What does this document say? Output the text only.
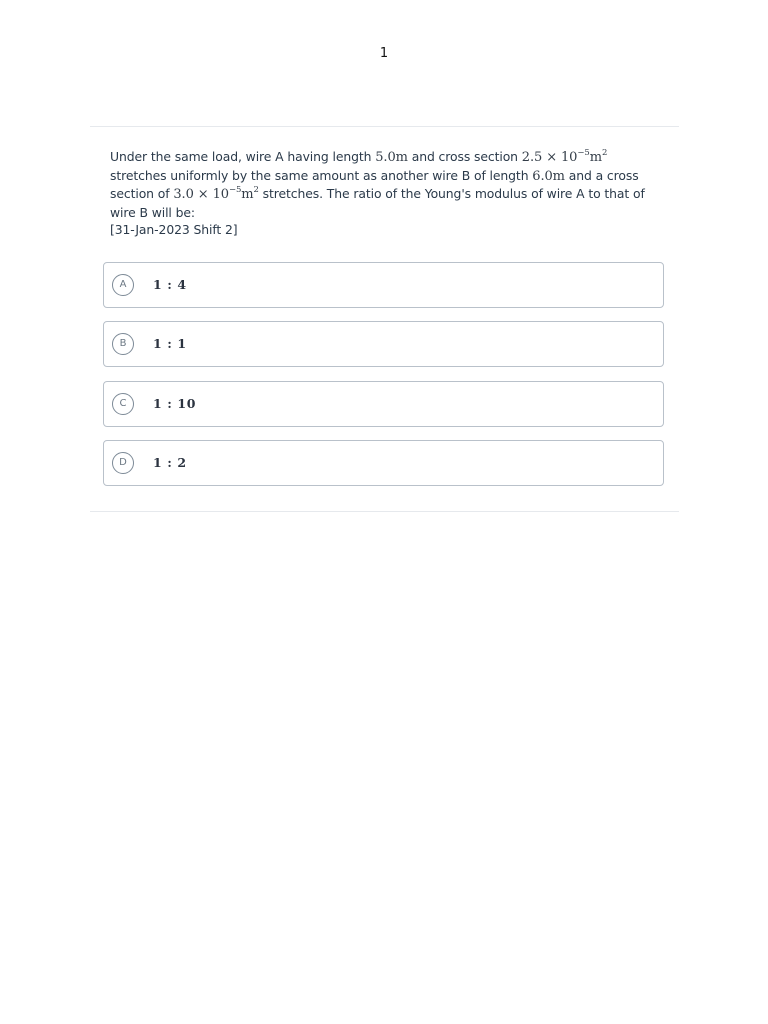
1
Under the same load, wire A having length 5.0m and cross section $2.5 \times 10^{-5}m^2$
stretches uniformly by the same amount as another wire B of length 6.0m and a cross
section of $3.0 \times 10^{-5}m^2$ stretches. The ratio of the Young's modulus of wire A to that of
wire B will be:
[31-Jan-2023 Shift 2]
A	1 : 4
B	1 : 1
C	1 : 10
D	1 : 2
